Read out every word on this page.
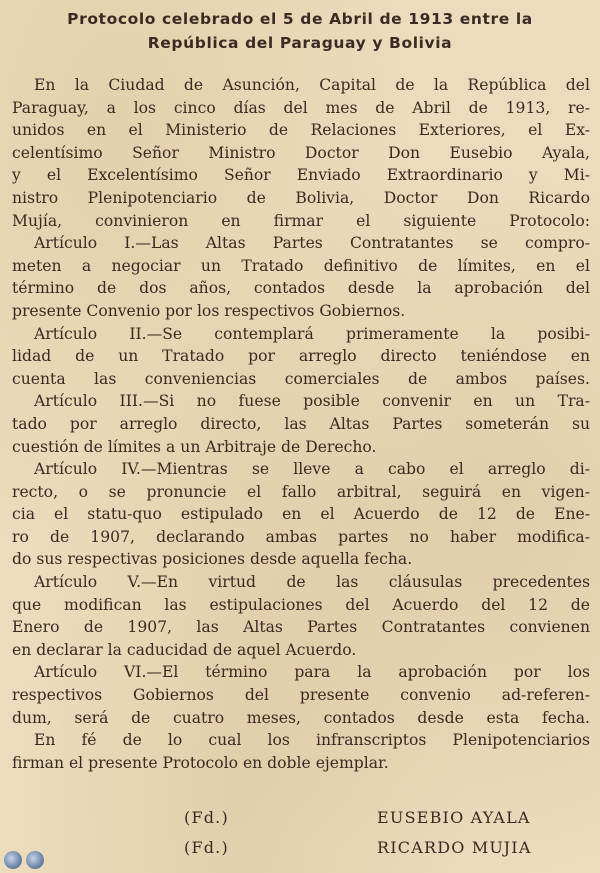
Protocolo celebrado el 5 de Abril de 1913 entre la
República del Paraguay y Bolivia
En la Ciudad de Asunción, Capital de la República del
Paraguay, a los cinco días del mes de Abril de 1913, re-
unidos en el Ministerio de Relaciones Exteriores, el Ex-
celentísimo Señor Ministro Doctor Don Eusebio Ayala,
y el Excelentísimo Señor Enviado Extraordinario y Mi-
nistro Plenipotenciario de Bolivia, Doctor Don Ricardo
Mujía, convinieron en firmar el siguiente Protocolo:
Artículo I.—Las Altas Partes Contratantes se compro-
meten a negociar un Tratado definitivo de límites, en el
término de dos años, contados desde la aprobación del
presente Convenio por los respectivos Gobiernos.
Artículo II.—Se contemplará primeramente la posibi-
lidad de un Tratado por arreglo directo teniéndose en
cuenta las conveniencias comerciales de ambos países.
Artículo III.—Si no fuese posible convenir en un Tra-
tado por arreglo directo, las Altas Partes someterán su
cuestión de límites a un Arbitraje de Derecho.
Artículo IV.—Mientras se lleve a cabo el arreglo di-
recto, o se pronuncie el fallo arbitral, seguirá en vigen-
cia el statu-quo estipulado en el Acuerdo de 12 de Ene-
ro de 1907, declarando ambas partes no haber modifica-
do sus respectivas posiciones desde aquella fecha.
Artículo V.—En virtud de las cláusulas precedentes
que modifican las estipulaciones del Acuerdo del 12 de
Enero de 1907, las Altas Partes Contratantes convienen
en declarar la caducidad de aquel Acuerdo.
Artículo VI.—El término para la aprobación por los
respectivos Gobiernos del presente convenio ad-referen-
dum, será de cuatro meses, contados desde esta fecha.
En fé de lo cual los infranscriptos Plenipotenciarios
firman el presente Protocolo en doble ejemplar.
(Fd.)	EUSEBIO AYALA
(Fd.)	RICARDO MUJIA
